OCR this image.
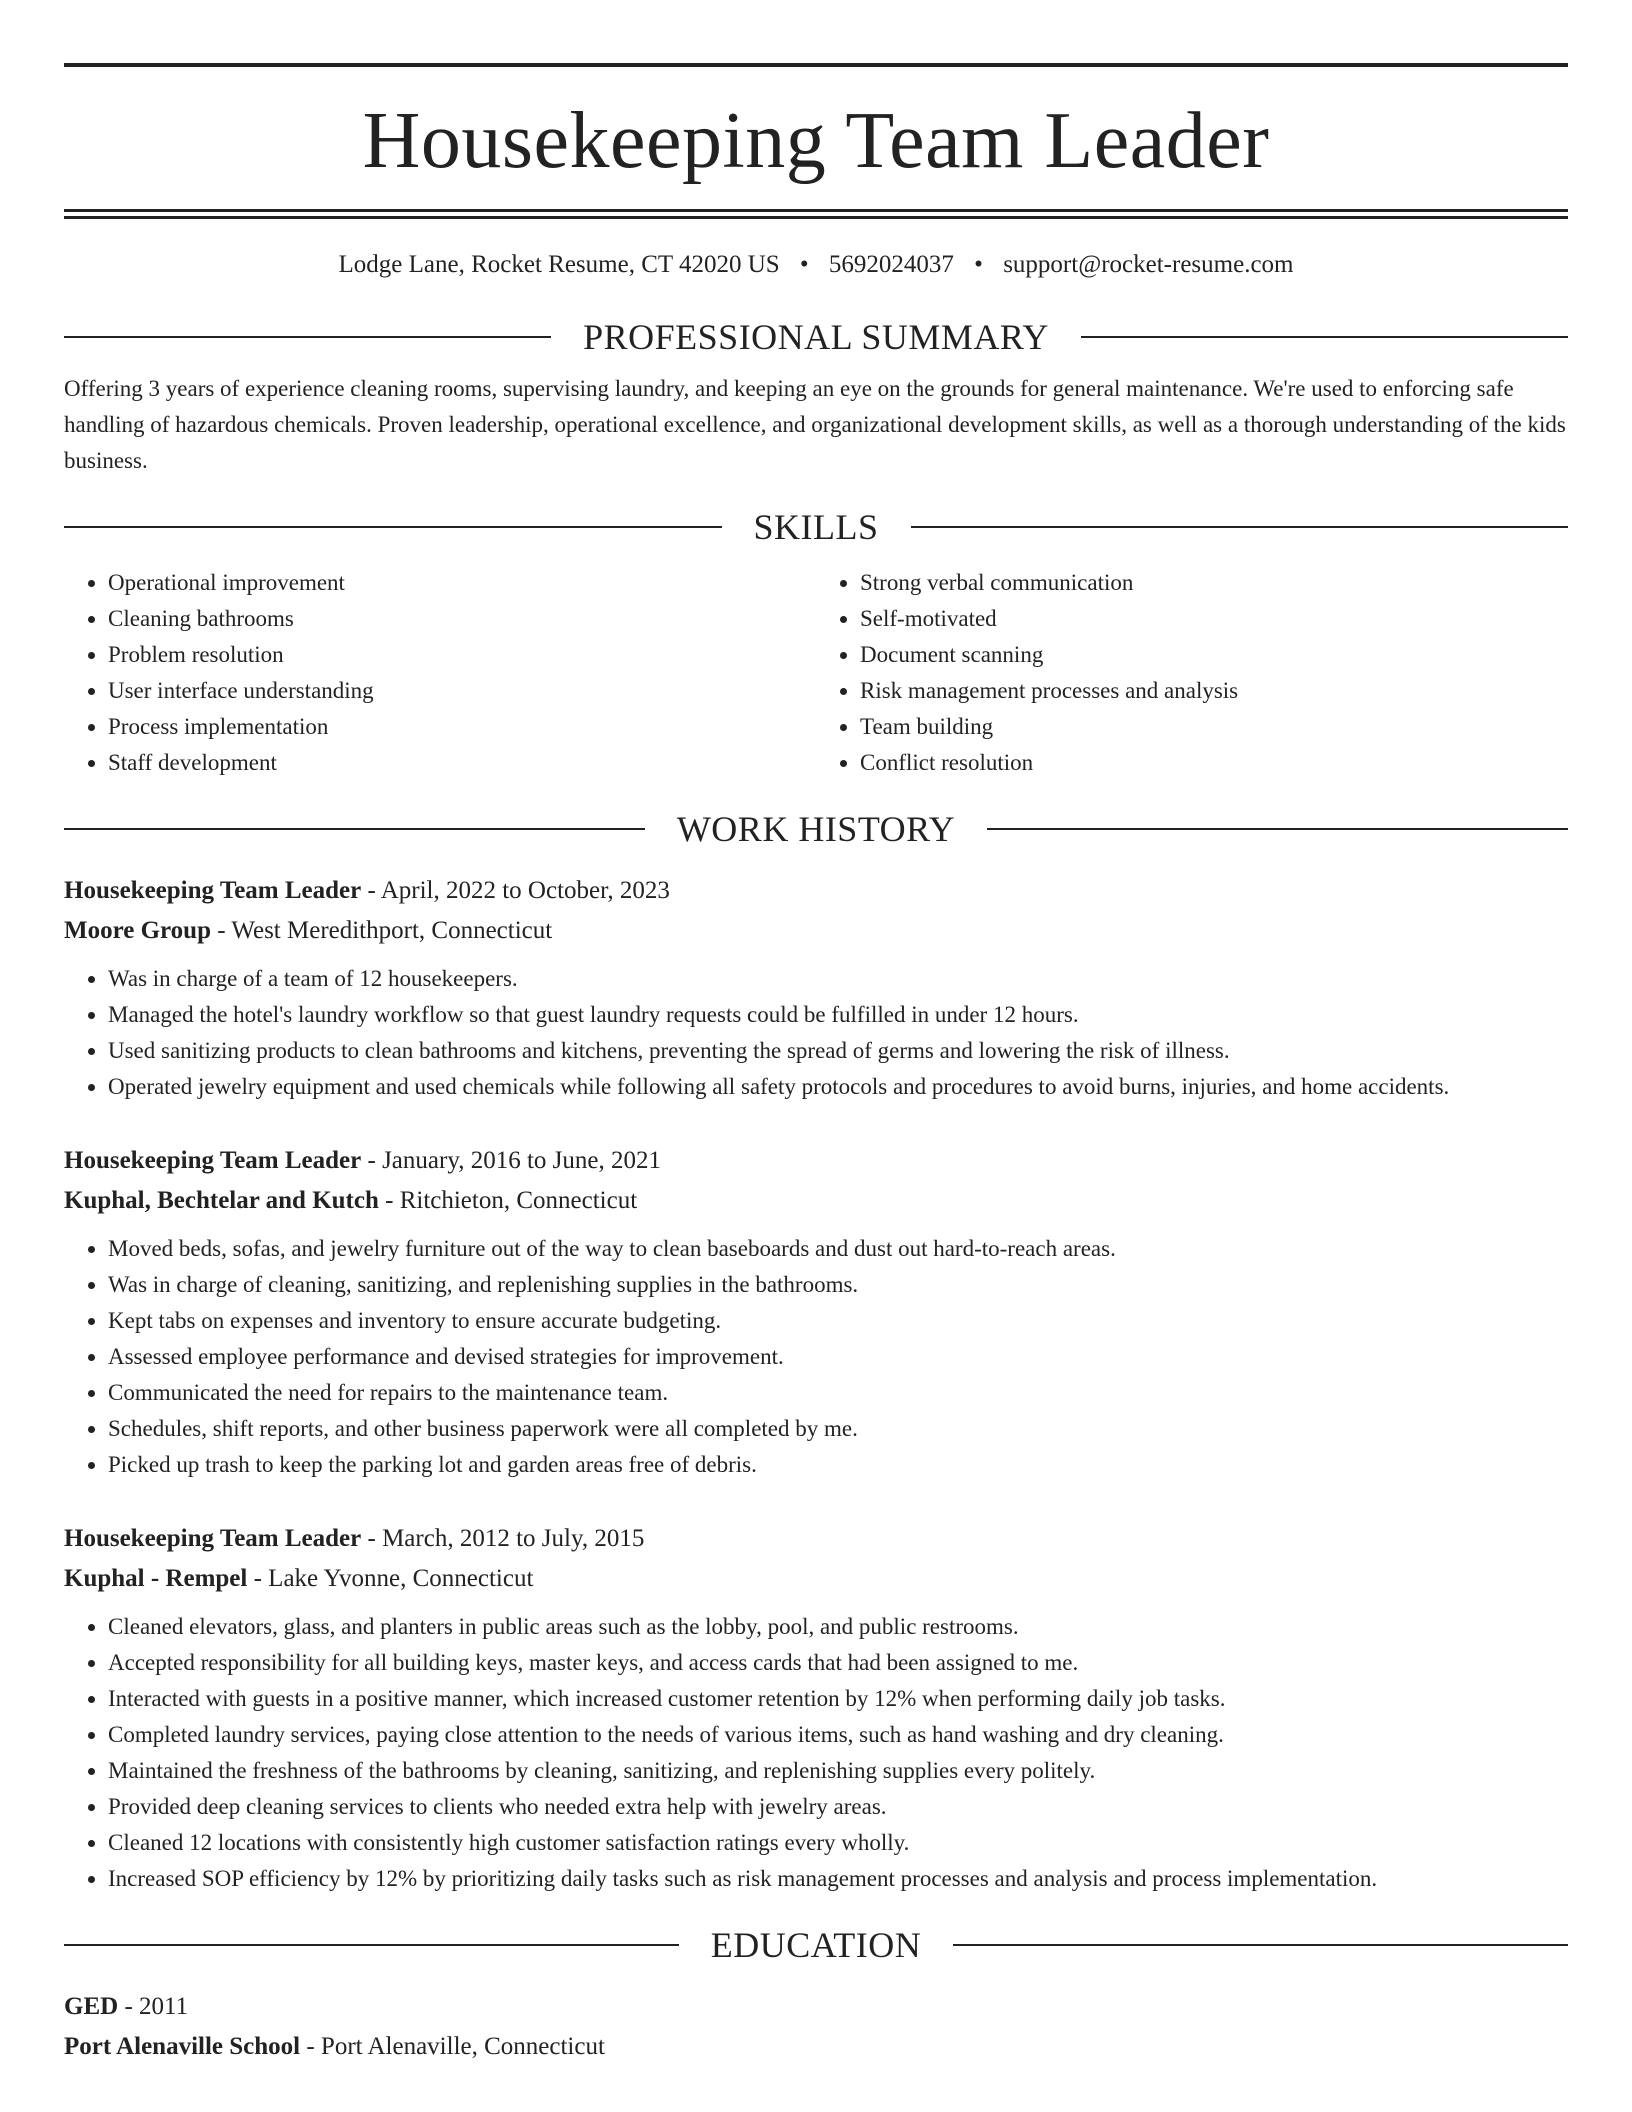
Housekeeping Team Leader
Lodge Lane, Rocket Resume, CT 42020 US • 5692024037 • support@rocket-resume.com
PROFESSIONAL SUMMARY
Offering 3 years of experience cleaning rooms, supervising laundry, and keeping an eye on the grounds for general maintenance. We're used to enforcing safe handling of hazardous chemicals. Proven leadership, operational excellence, and organizational development skills, as well as a thorough understanding of the kids business.
SKILLS
• Operational improvement
• Cleaning bathrooms
• Problem resolution
• User interface understanding
• Process implementation
• Staff development
• Strong verbal communication
• Self-motivated
• Document scanning
• Risk management processes and analysis
• Team building
• Conflict resolution
WORK HISTORY
Housekeeping Team Leader - April, 2022 to October, 2023
Moore Group - West Meredithport, Connecticut
• Was in charge of a team of 12 housekeepers.
• Managed the hotel's laundry workflow so that guest laundry requests could be fulfilled in under 12 hours.
• Used sanitizing products to clean bathrooms and kitchens, preventing the spread of germs and lowering the risk of illness.
• Operated jewelry equipment and used chemicals while following all safety protocols and procedures to avoid burns, injuries, and home accidents.
Housekeeping Team Leader - January, 2016 to June, 2021
Kuphal, Bechtelar and Kutch - Ritchieton, Connecticut
• Moved beds, sofas, and jewelry furniture out of the way to clean baseboards and dust out hard-to-reach areas.
• Was in charge of cleaning, sanitizing, and replenishing supplies in the bathrooms.
• Kept tabs on expenses and inventory to ensure accurate budgeting.
• Assessed employee performance and devised strategies for improvement.
• Communicated the need for repairs to the maintenance team.
• Schedules, shift reports, and other business paperwork were all completed by me.
• Picked up trash to keep the parking lot and garden areas free of debris.
Housekeeping Team Leader - March, 2012 to July, 2015
Kuphal - Rempel - Lake Yvonne, Connecticut
• Cleaned elevators, glass, and planters in public areas such as the lobby, pool, and public restrooms.
• Accepted responsibility for all building keys, master keys, and access cards that had been assigned to me.
• Interacted with guests in a positive manner, which increased customer retention by 12% when performing daily job tasks.
• Completed laundry services, paying close attention to the needs of various items, such as hand washing and dry cleaning.
• Maintained the freshness of the bathrooms by cleaning, sanitizing, and replenishing supplies every politely.
• Provided deep cleaning services to clients who needed extra help with jewelry areas.
• Cleaned 12 locations with consistently high customer satisfaction ratings every wholly.
• Increased SOP efficiency by 12% by prioritizing daily tasks such as risk management processes and analysis and process implementation.
EDUCATION
GED - 2011
Port Alenaville School - Port Alenaville, Connecticut
